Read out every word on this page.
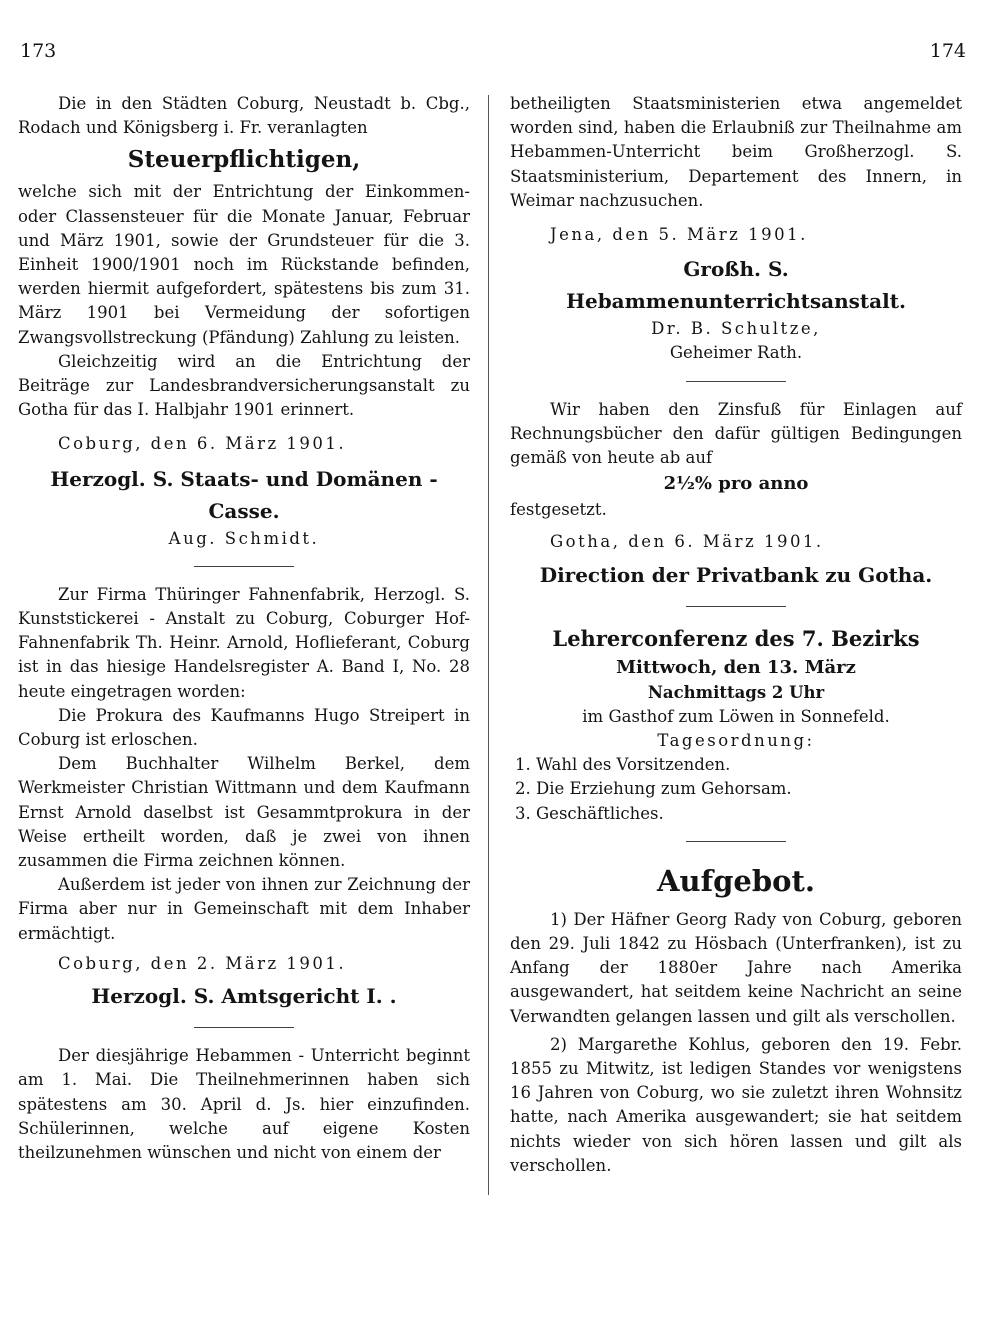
173	174

Die in den Städten Coburg, Neustadt b. Cbg., Rodach und Königsberg i. Fr. veranlagten

Steuerpflichtigen,

welche sich mit der Entrichtung der Einkommen- oder Classensteuer für die Monate Januar, Februar und März 1901, sowie der Grundsteuer für die 3. Einheit 1900/1901 noch im Rückstande befinden, werden hiermit aufgefordert, spätestens bis zum 31. März 1901 bei Vermeidung der sofortigen Zwangsvollstreckung (Pfändung) Zahlung zu leisten.

Gleichzeitig wird an die Entrichtung der Beiträge zur Landesbrandversicherungsanstalt zu Gotha für das I. Halbjahr 1901 erinnert.

Coburg, den 6. März 1901.

Herzogl. S. Staats- und Domänen - Casse.

Aug. Schmidt.

Zur Firma Thüringer Fahnenfabrik, Herzogl. S. Kunststickerei - Anstalt zu Coburg, Coburger Hof-Fahnenfabrik Th. Heinr. Arnold, Hoflieferant, Coburg ist in das hiesige Handelsregister A. Band I, No. 28 heute eingetragen worden:

Die Prokura des Kaufmanns Hugo Streipert in Coburg ist erloschen.

Dem Buchhalter Wilhelm Berkel, dem Werkmeister Christian Wittmann und dem Kaufmann Ernst Arnold daselbst ist Gesammtprokura in der Weise ertheilt worden, daß je zwei von ihnen zusammen die Firma zeichnen können.

Außerdem ist jeder von ihnen zur Zeichnung der Firma aber nur in Gemeinschaft mit dem Inhaber ermächtigt.

Coburg, den 2. März 1901.

Herzogl. S. Amtsgericht I. .

Der diesjährige Hebammen - Unterricht beginnt am 1. Mai. Die Theilnehmerinnen haben sich spätestens am 30. April d. Js. hier einzufinden. Schülerinnen, welche auf eigene Kosten theilzunehmen wünschen und nicht von einem der

betheiligten Staatsministerien etwa angemeldet worden sind, haben die Erlaubniß zur Theilnahme am Hebammen-Unterricht beim Großherzogl. S. Staatsministerium, Departement des Innern, in Weimar nachzusuchen.

Jena, den 5. März 1901.

Großh. S. Hebammenunterrichtsanstalt.

Dr. B. Schultze,

Geheimer Rath.

Wir haben den Zinsfuß für Einlagen auf Rechnungsbücher den dafür gültigen Bedingungen gemäß von heute ab auf

2½% pro anno

festgesetzt.

Gotha, den 6. März 1901.

Direction der Privatbank zu Gotha.
Lehrerconferenz des 7. Bezirks
Mittwoch, den 13. März

Nachmittags 2 Uhr

im Gasthof zum Löwen in Sonnefeld.

Tagesordnung:

1. Wahl des Vorsitzenden.
2. Die Erziehung zum Gehorsam.
3. Geschäftliches.
Aufgebot.

1) Der Häfner Georg Rady von Coburg, geboren den 29. Juli 1842 zu Hösbach (Unterfranken), ist zu Anfang der 1880er Jahre nach Amerika ausgewandert, hat seitdem keine Nachricht an seine Verwandten gelangen lassen und gilt als verschollen.

2) Margarethe Kohlus, geboren den 19. Febr. 1855 zu Mitwitz, ist ledigen Standes vor wenigstens 16 Jahren von Coburg, wo sie zuletzt ihren Wohnsitz hatte, nach Amerika ausgewandert; sie hat seitdem nichts wieder von sich hören lassen und gilt als verschollen.
